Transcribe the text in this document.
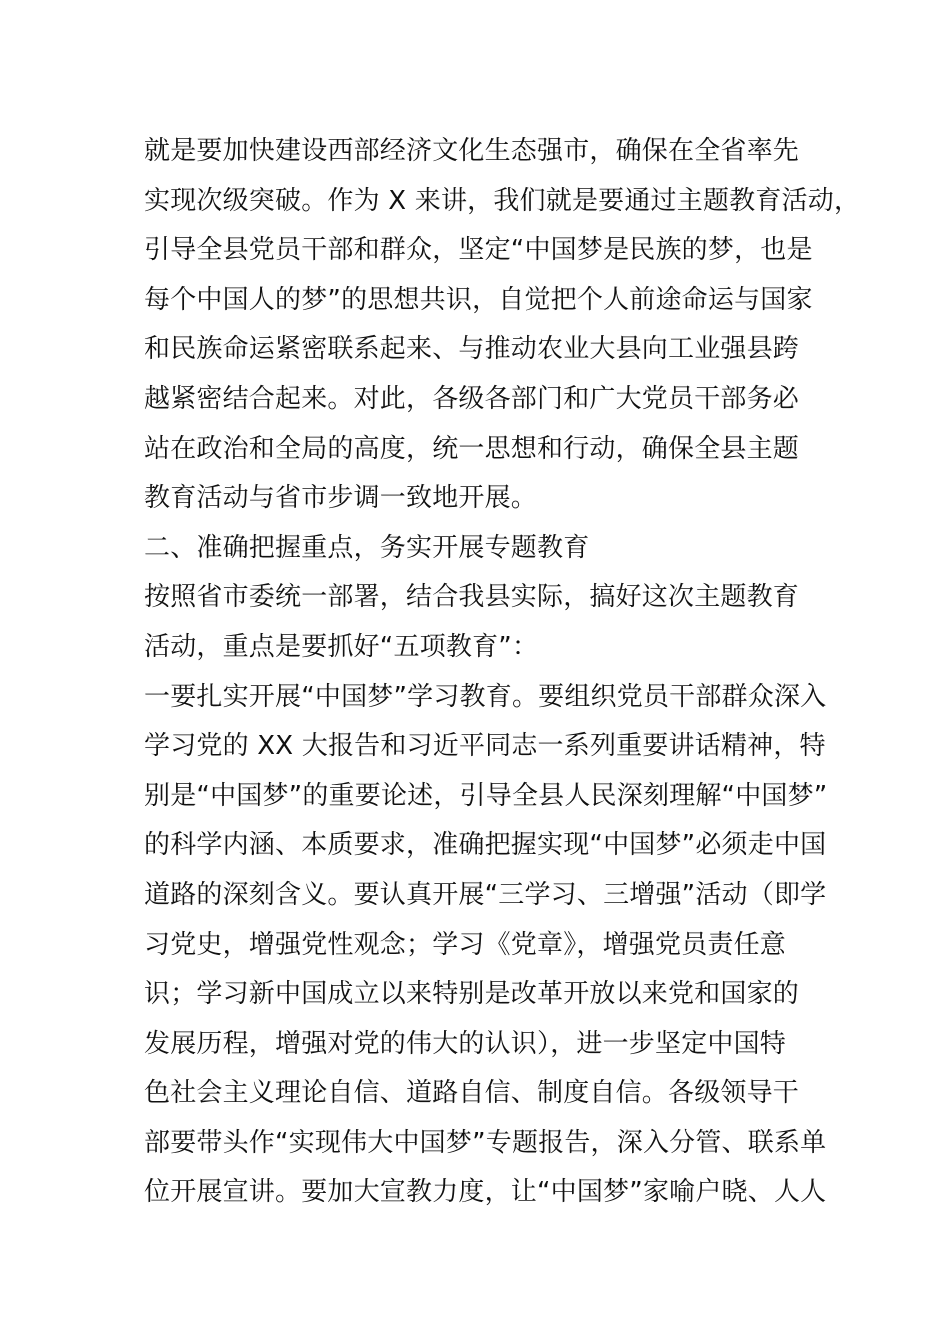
就是要加快建设西部经济文化生态强市，确保在全省率先
实现次级突破。作为 X 来讲，我们就是要通过主题教育活动，
引导全县党员干部和群众，坚定“中国梦是民族的梦，也是
每个中国人的梦”的思想共识，自觉把个人前途命运与国家
和民族命运紧密联系起来、与推动农业大县向工业强县跨
越紧密结合起来。对此，各级各部门和广大党员干部务必
站在政治和全局的高度，统一思想和行动，确保全县主题
教育活动与省市步调一致地开展。
二、准确把握重点，务实开展专题教育
按照省市委统一部署，结合我县实际，搞好这次主题教育
活动，重点是要抓好“五项教育”：
一要扎实开展“中国梦”学习教育。要组织党员干部群众深入
学习党的 XX 大报告和习近平同志一系列重要讲话精神，特
别是“中国梦”的重要论述，引导全县人民深刻理解“中国梦”
的科学内涵、本质要求，准确把握实现“中国梦”必须走中国
道路的深刻含义。要认真开展“三学习、三增强”活动（即学
习党史，增强党性观念；学习《党章》，增强党员责任意
识；学习新中国成立以来特别是改革开放以来党和国家的
发展历程，增强对党的伟大的认识），进一步坚定中国特
色社会主义理论自信、道路自信、制度自信。各级领导干
部要带头作“实现伟大中国梦”专题报告，深入分管、联系单
位开展宣讲。要加大宣教力度，让“中国梦”家喻户晓、人人
